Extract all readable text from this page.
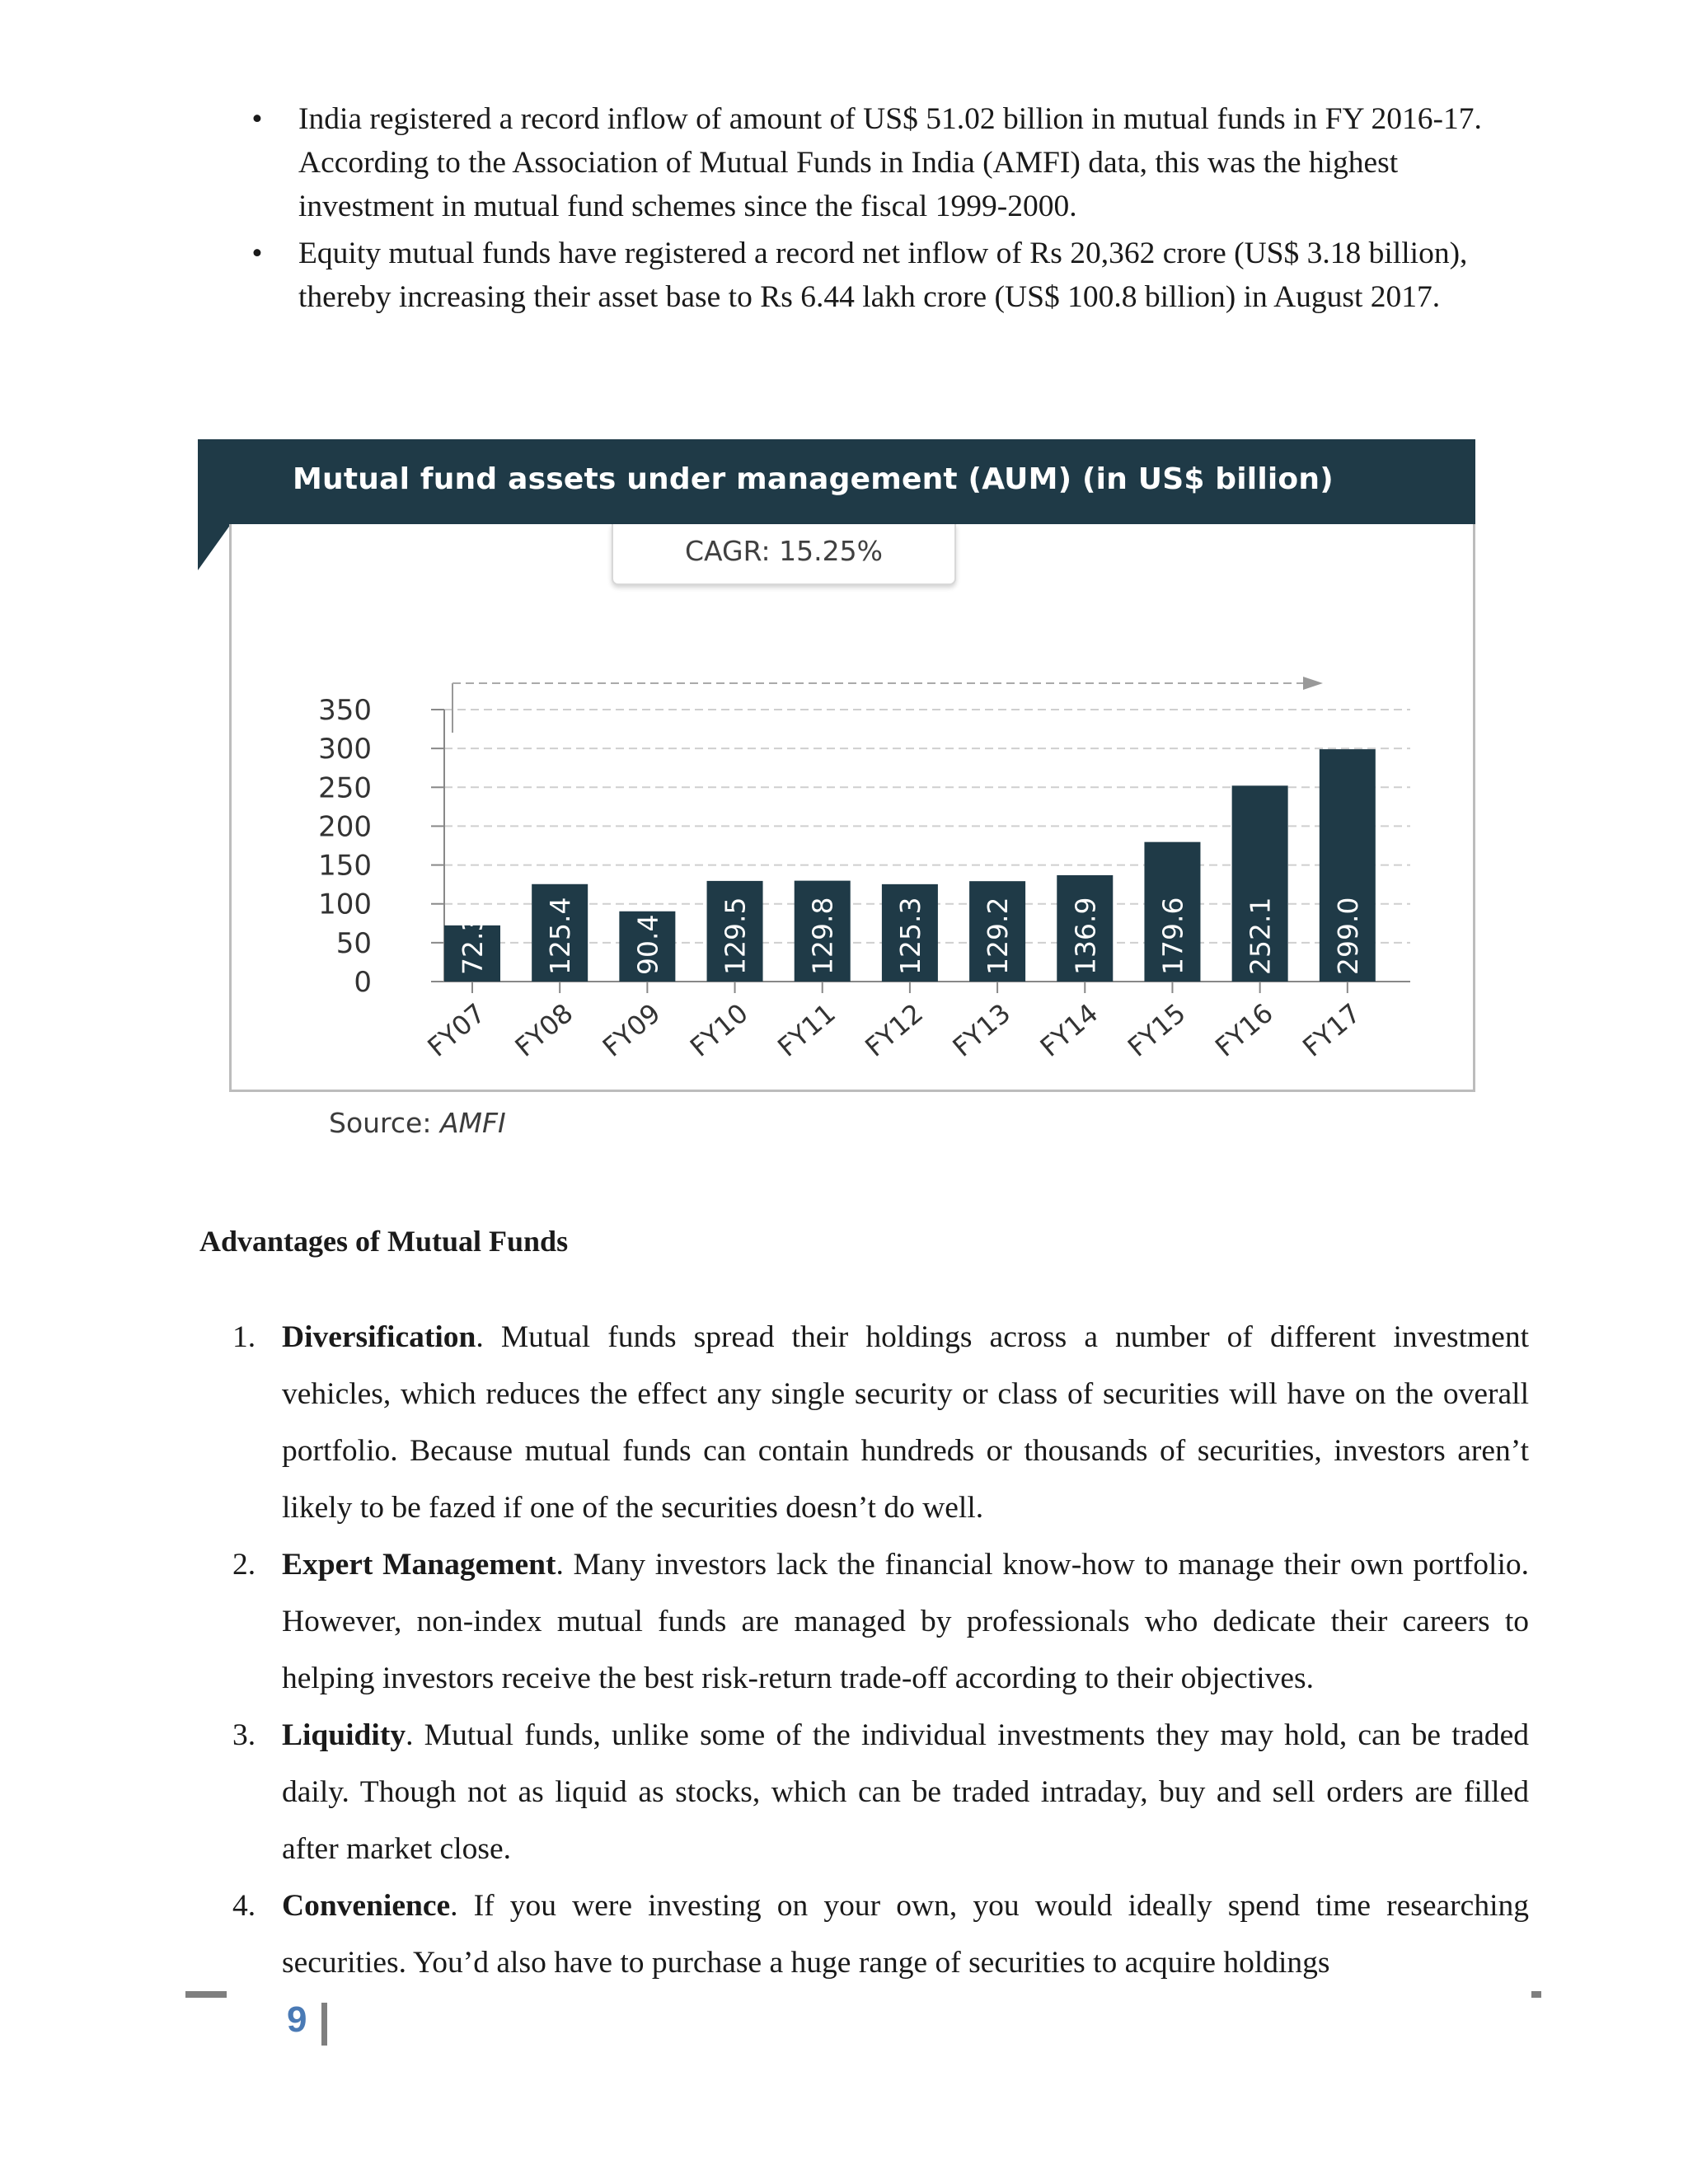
• India registered a record inflow of amount of US$ 51.02 billion in mutual funds in FY 2016-17. According to the Association of Mutual Funds in India (AMFI) data, this was the highest investment in mutual fund schemes since the fiscal 1999-2000.
• Equity mutual funds have registered a record net inflow of Rs 20,362 crore (US$ 3.18 billion), thereby increasing their asset base to Rs 6.44 lakh crore (US$ 100.8 billion) in August 2017.
Mutual fund assets under management (AUM) (in US$ billion)
0
50
100
150
200
250
300
350
72.3
FY07
125.4
FY08
90.4
FY09
129.5
FY10
129.8
FY11
125.3
FY12
129.2
FY13
136.9
FY14
179.6
FY15
252.1
FY16
299.0
FY17
Source: AMFI
CAGR: 15.25%
Advantages of Mutual Funds
1. Diversification. Mutual funds spread their holdings across a number of different investment vehicles, which reduces the effect any single security or class of securities will have on the overall portfolio. Because mutual funds can contain hundreds or thousands of securities, investors aren’t likely to be fazed if one of the securities doesn’t do well.
2. Expert Management. Many investors lack the financial know-how to manage their own portfolio. However, non-index mutual funds are managed by professionals who dedicate their careers to helping investors receive the best risk-return trade-off according to their objectives.
3. Liquidity. Mutual funds, unlike some of the individual investments they may hold, can be traded daily. Though not as liquid as stocks, which can be traded intraday, buy and sell orders are filled after market close.
4. Convenience. If you were investing on your own, you would ideally spend time researching securities. You’d also have to purchase a huge range of securities to acquire holdings
9
